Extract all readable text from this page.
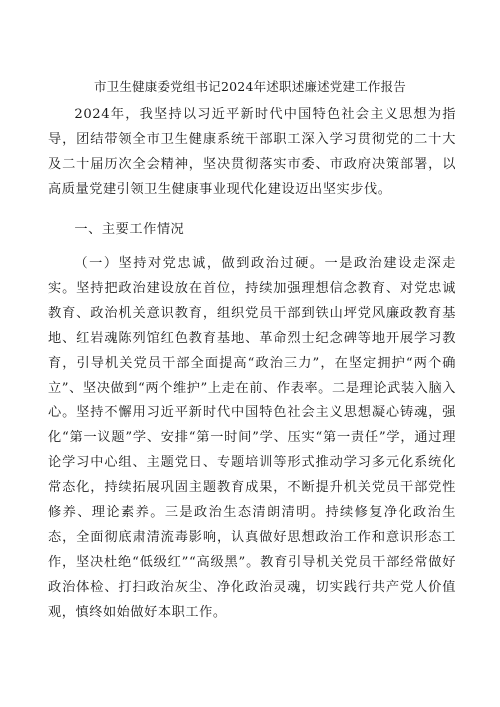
市卫生健康委党组书记2024年述职述廉述党建工作报告

2024年，我坚持以习近平新时代中国特色社会主义思想为指导，团结带领全市卫生健康系统干部职工深入学习贯彻党的二十大及二十届历次全会精神，坚决贯彻落实市委、市政府决策部署，以高质量党建引领卫生健康事业现代化建设迈出坚实步伐。

一、主要工作情况

（一）坚持对党忠诚，做到政治过硬。一是政治建设走深走实。坚持把政治建设放在首位，持续加强理想信念教育、对党忠诚教育、政治机关意识教育，组织党员干部到铁山坪党风廉政教育基地、红岩魂陈列馆红色教育基地、革命烈士纪念碑等地开展学习教育，引导机关党员干部全面提高“政治三力”，在坚定拥护“两个确立”、坚决做到“两个维护”上走在前、作表率。二是理论武装入脑入心。坚持不懈用习近平新时代中国特色社会主义思想凝心铸魂，强化“第一议题”学、安排“第一时间”学、压实“第一责任”学，通过理论学习中心组、主题党日、专题培训等形式推动学习多元化系统化常态化，持续拓展巩固主题教育成果，不断提升机关党员干部党性修养、理论素养。三是政治生态清朗清明。持续修复净化政治生态，全面彻底肃清流毒影响，认真做好思想政治工作和意识形态工作，坚决杜绝“低级红”“高级黑”。教育引导机关党员干部经常做好政治体检、打扫政治灰尘、净化政治灵魂，切实践行共产党人价值观，慎终如始做好本职工作。
